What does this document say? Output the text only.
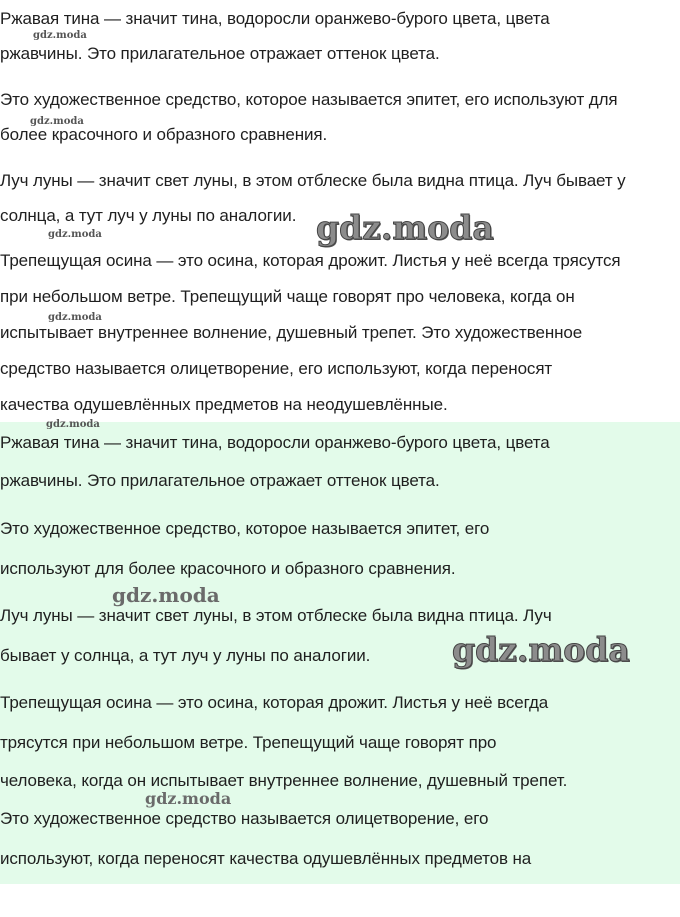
Ржавая тина — значит тина, водоросли оранжево-бурого цвета, цвета

ржавчины. Это прилагательное отражает оттенок цвета.

Это художественное средство, которое называется эпитет, его используют для

более красочного и образного сравнения.

Луч луны — значит свет луны, в этом отблеске была видна птица. Луч бывает у

солнца, а тут луч у луны по аналогии.

Трепещущая осина — это осина, которая дрожит. Листья у неё всегда трясутся

при небольшом ветре. Трепещущий чаще говорят про человека, когда он

испытывает внутреннее волнение, душевный трепет. Это художественное

средство называется олицетворение, его используют, когда переносят

качества одушевлённых предметов на неодушевлённые.

Ржавая тина — значит тина, водоросли оранжево-бурого цвета, цвета

ржавчины. Это прилагательное отражает оттенок цвета.

Это художественное средство, которое называется эпитет, его

используют для более красочного и образного сравнения.

Луч луны — значит свет луны, в этом отблеске была видна птица. Луч

бывает у солнца, а тут луч у луны по аналогии.

Трепещущая осина — это осина, которая дрожит. Листья у неё всегда

трясутся при небольшом ветре. Трепещущий чаще говорят про

человека, когда он испытывает внутреннее волнение, душевный трепет.

Это художественное средство называется олицетворение, его

используют, когда переносят качества одушевлённых предметов на

gdz.moda
gdz.moda
gdz.moda
gdz.moda
gdz.moda
gdz.moda
gdz.moda
gdz.moda
gdz.moda
